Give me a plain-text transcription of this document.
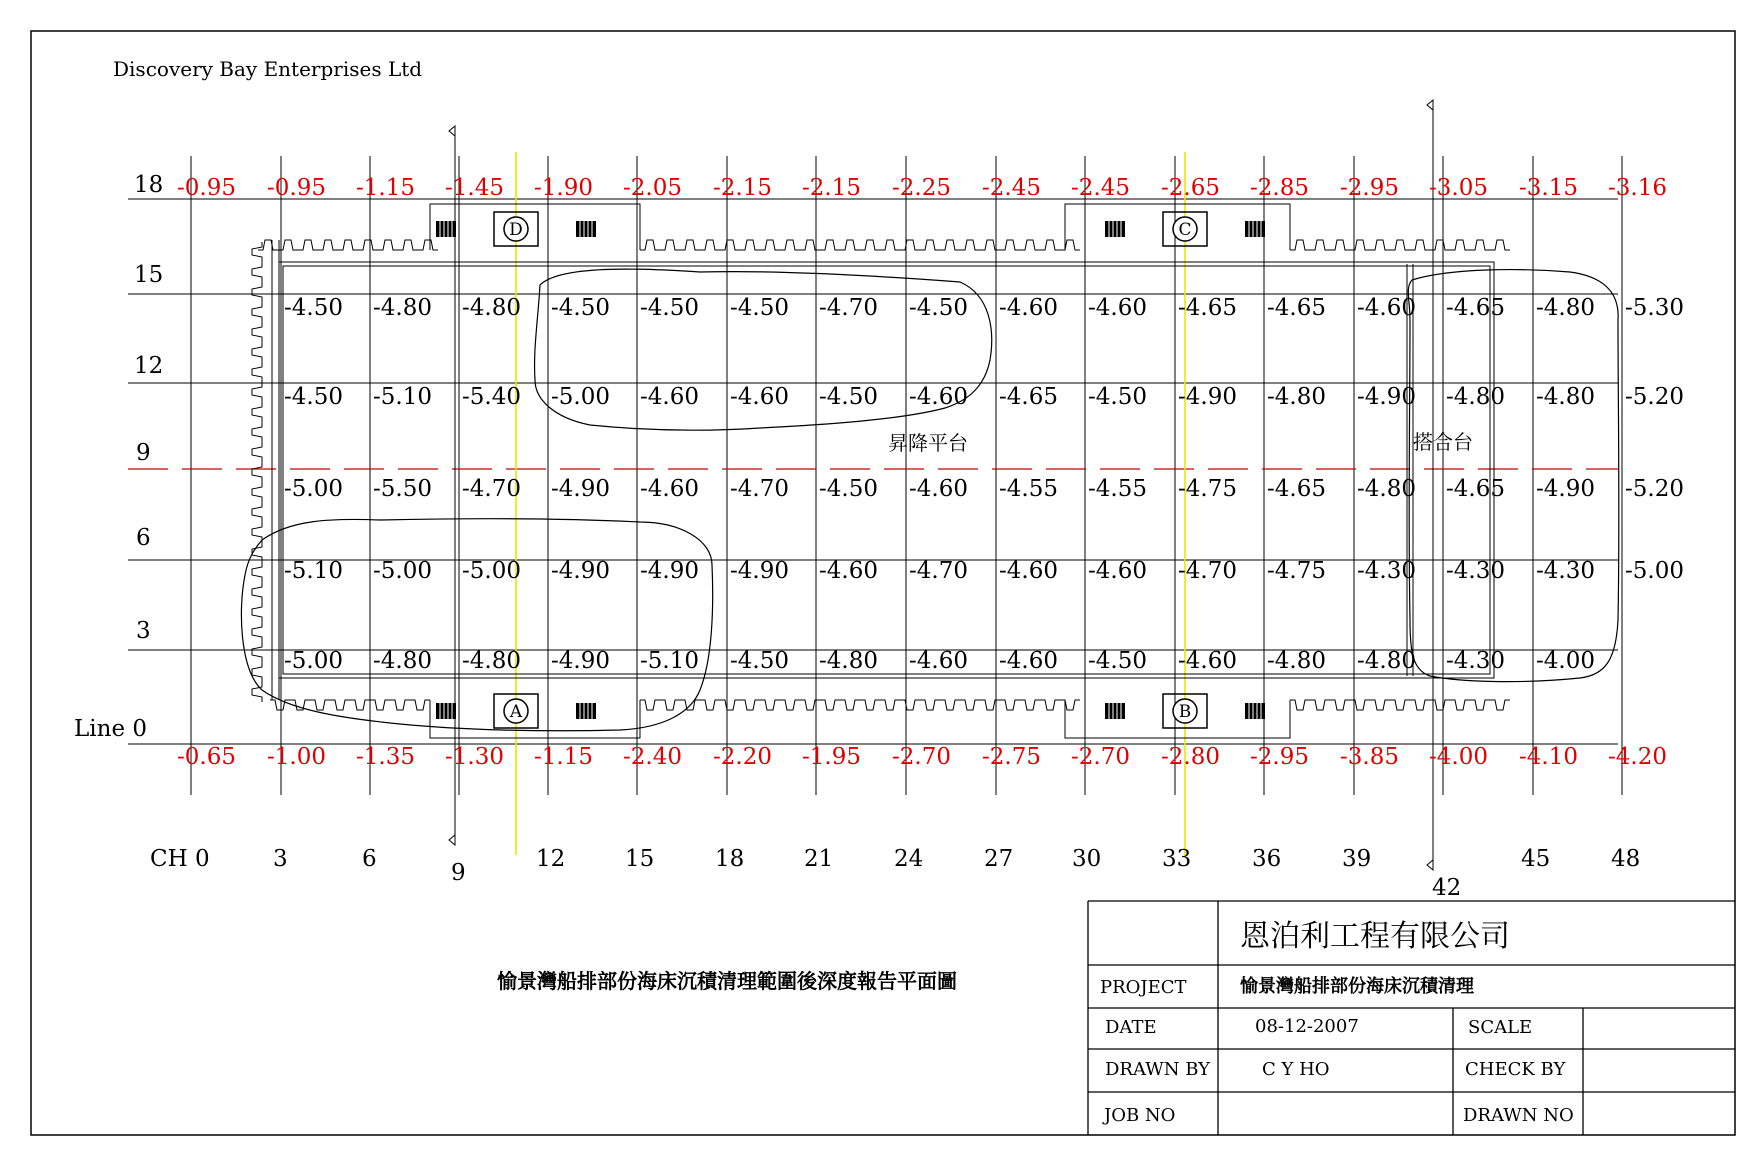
Discovery Bay Enterprises Ltd
D	C
A	B
18
15
12
9
6
3
Line 0
CH 0	3	6
9
12	15	18	21	24	27	30	33	36	39
42
45	48
-0.95 -0.95 -1.15 -1.45 -1.90 -2.05 -2.15 -2.15 -2.25 -2.45 -2.45 -2.65 -2.85 -2.95 -3.05 -3.15 -3.16
-0.65 -1.00 -1.35 -1.30 -1.15 -2.40 -2.20 -1.95 -2.70 -2.75 -2.70 -2.80 -2.95 -3.85 -4.00 -4.10 -4.20
-4.50 -4.80 -4.80 -4.50 -4.50 -4.50 -4.70 -4.50 -4.60 -4.60 -4.65 -4.65 -4.60 -4.65 -4.80 -5.30
-4.50 -5.10 -5.40 -5.00 -4.60 -4.60 -4.50 -4.60 -4.65 -4.50 -4.90 -4.80 -4.90 -4.80 -4.80 -5.20
-5.00 -5.50 -4.70 -4.90 -4.60 -4.70 -4.50 -4.60 -4.55 -4.55 -4.75 -4.65 -4.80 -4.65 -4.90 -5.20
-5.10 -5.00 -5.00 -4.90 -4.90 -4.90 -4.60 -4.70 -4.60 -4.60 -4.70 -4.75 -4.30 -4.30 -4.30 -5.00
-5.00 -4.80 -4.80 -4.90 -5.10 -4.50 -4.80 -4.60 -4.60 -4.50 -4.60 -4.80 -4.80 -4.30 -4.00
昇降平台	搭合台
愉景灣船排部份海床沉積清理範圍後深度報告平面圖
恩泊利工程有限公司
PROJECT	愉景灣船排部份海床沉積清理
DATE	08-12-2007	SCALE
DRAWN BY	C Y HO	CHECK BY
JOB NO	DRAWN NO
